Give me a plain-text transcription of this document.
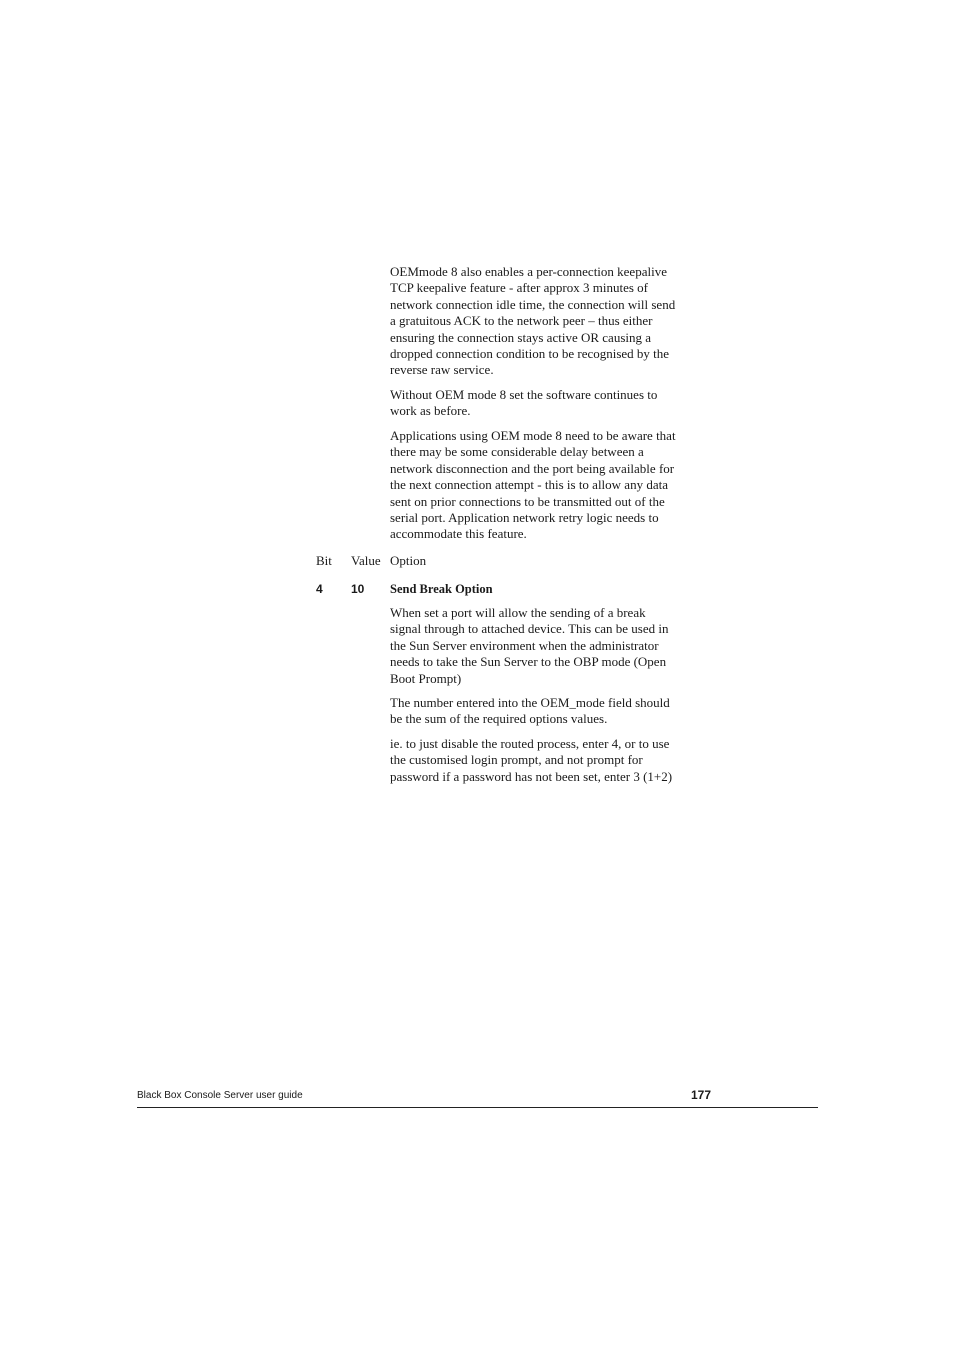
OEMmode 8 also enables a per-connection keepalive
TCP keepalive feature - after approx 3 minutes of
network connection idle time, the connection will send
a gratuitous ACK to the network peer – thus either
ensuring the connection stays active OR causing a
dropped connection condition to be recognised by the
reverse raw service.

Without OEM mode 8 set the software continues to
work as before.

Applications using OEM mode 8 need to be aware that
there may be some considerable delay between a
network disconnection and the port being available for
the next connection attempt - this is to allow any data
sent on prior connections to be transmitted out of the
serial port. Application network retry logic needs to
accommodate this feature.

Bit Value Option
4 10 Send Break Option

When set a port will allow the sending of a break
signal through to attached device. This can be used in
the Sun Server environment when the administrator
needs to take the Sun Server to the OBP mode (Open
Boot Prompt)

The number entered into the OEM_mode field should
be the sum of the required options values.

ie. to just disable the routed process, enter 4, or to use
the customised login prompt, and not prompt for
password if a password has not been set, enter 3 (1+2)

Black Box Console Server user guide	177
